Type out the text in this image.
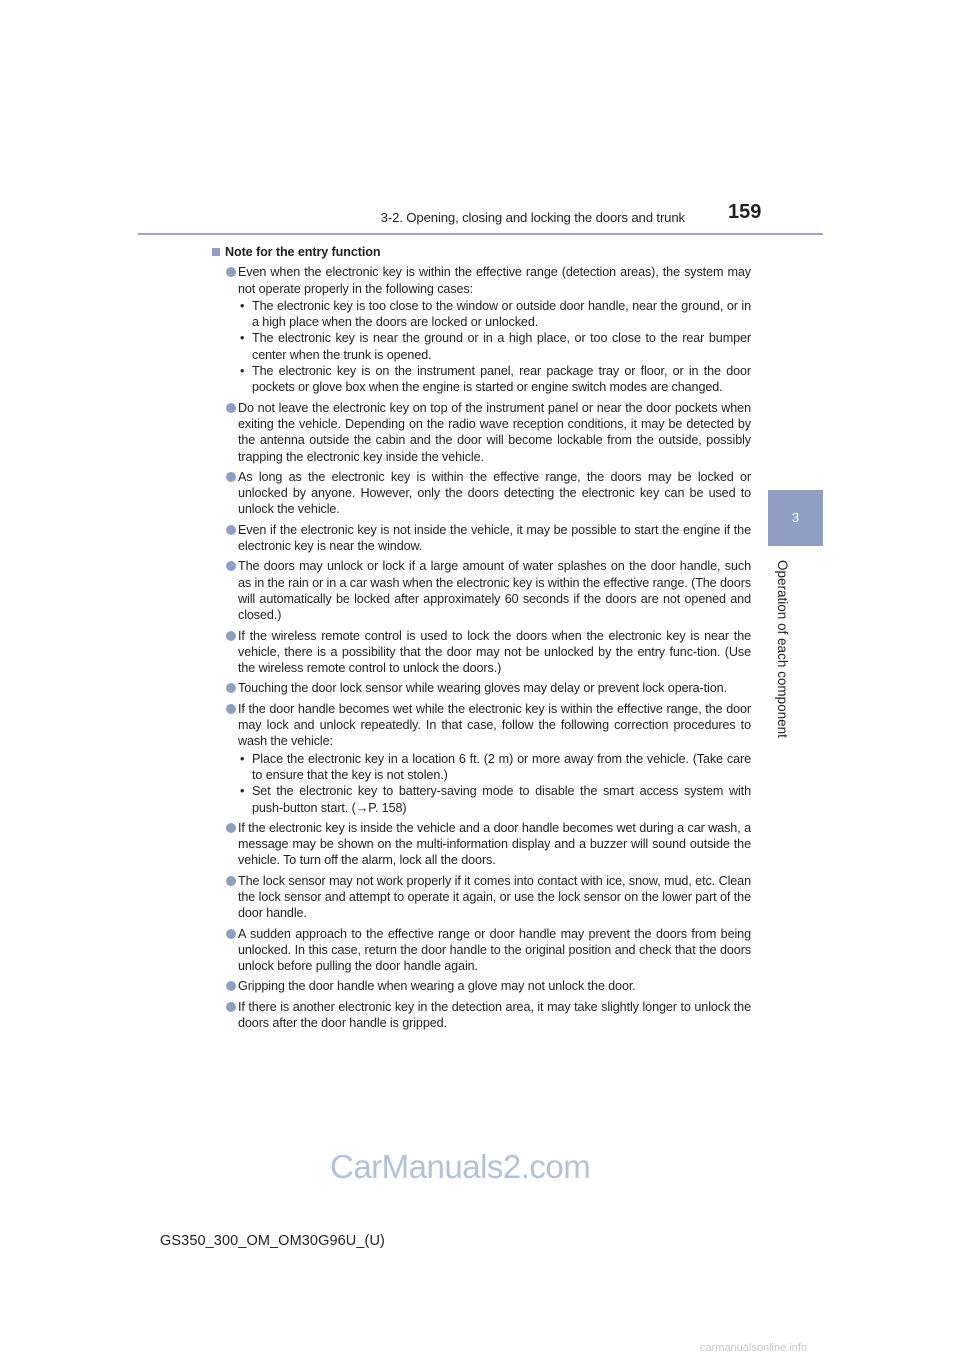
3-2. Opening, closing and locking the doors and trunk 159
3
Operation of each component
Note for the entry function
Even when the electronic key is within the effective range (detection areas), the system may not operate properly in the following cases:
• The electronic key is too close to the window or outside door handle, near the ground, or in a high place when the doors are locked or unlocked.
• The electronic key is near the ground or in a high place, or too close to the rear bumper center when the trunk is opened.
• The electronic key is on the instrument panel, rear package tray or floor, or in the door pockets or glove box when the engine is started or engine switch modes are changed.
Do not leave the electronic key on top of the instrument panel or near the door pockets when exiting the vehicle. Depending on the radio wave reception conditions, it may be detected by the antenna outside the cabin and the door will become lockable from the outside, possibly trapping the electronic key inside the vehicle.
As long as the electronic key is within the effective range, the doors may be locked or unlocked by anyone. However, only the doors detecting the electronic key can be used to unlock the vehicle.
Even if the electronic key is not inside the vehicle, it may be possible to start the engine if the electronic key is near the window.
The doors may unlock or lock if a large amount of water splashes on the door handle, such as in the rain or in a car wash when the electronic key is within the effective range. (The doors will automatically be locked after approximately 60 seconds if the doors are not opened and closed.)
If the wireless remote control is used to lock the doors when the electronic key is near the vehicle, there is a possibility that the door may not be unlocked by the entry func-tion. (Use the wireless remote control to unlock the doors.)
Touching the door lock sensor while wearing gloves may delay or prevent lock opera-tion.
If the door handle becomes wet while the electronic key is within the effective range, the door may lock and unlock repeatedly. In that case, follow the following correction procedures to wash the vehicle:
• Place the electronic key in a location 6 ft. (2 m) or more away from the vehicle. (Take care to ensure that the key is not stolen.)
• Set the electronic key to battery-saving mode to disable the smart access system with push-button start. (→P. 158)
If the electronic key is inside the vehicle and a door handle becomes wet during a car wash, a message may be shown on the multi-information display and a buzzer will sound outside the vehicle. To turn off the alarm, lock all the doors.
The lock sensor may not work properly if it comes into contact with ice, snow, mud, etc. Clean the lock sensor and attempt to operate it again, or use the lock sensor on the lower part of the door handle.
A sudden approach to the effective range or door handle may prevent the doors from being unlocked. In this case, return the door handle to the original position and check that the doors unlock before pulling the door handle again.
Gripping the door handle when wearing a glove may not unlock the door.
If there is another electronic key in the detection area, it may take slightly longer to unlock the doors after the door handle is gripped.
CarManuals2.com
GS350_300_OM_OM30G96U_(U)
carmanualsonline.info
